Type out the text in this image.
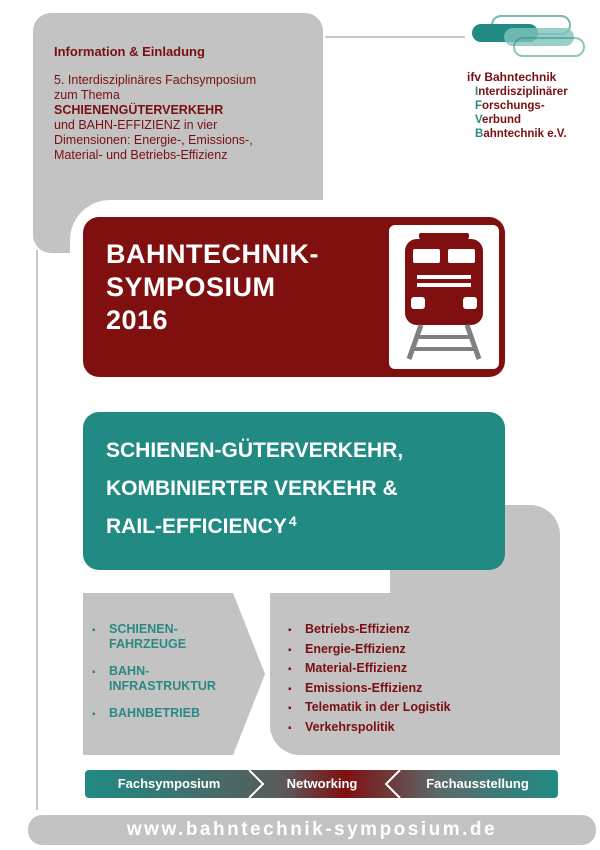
Information & Einladung
5. Interdisziplinäres Fachsymposium
zum Thema
SCHIENENGÜTERVERKEHR
und BAHN-EFFIZIENZ in vier
Dimensionen: Energie-, Emissions-,
Material- und Betriebs-Effizienz
ifv Bahntechnik
Interdisziplinärer
Forschungs-
Verbund
Bahntechnik e.V.
BAHNTECHNIK-
SYMPOSIUM
2016
SCHIENEN-GÜTERVERKEHR,
KOMBINIERTER VERKEHR &
RAIL-EFFICIENCY $^4$
▪	SCHIENEN-
FAHRZEUGE
▪	BAHN-
INFRASTRUKTUR
▪	BAHNBETRIEB
▪	Betriebs-Effizienz
▪	Energie-Effizienz
▪	Material-Effizienz
▪	Emissions-Effizienz
▪	Telematik in der Logistik
▪	Verkehrspolitik
Fachsymposium	Networking	Fachausstellung
www.bahntechnik-symposium.de
